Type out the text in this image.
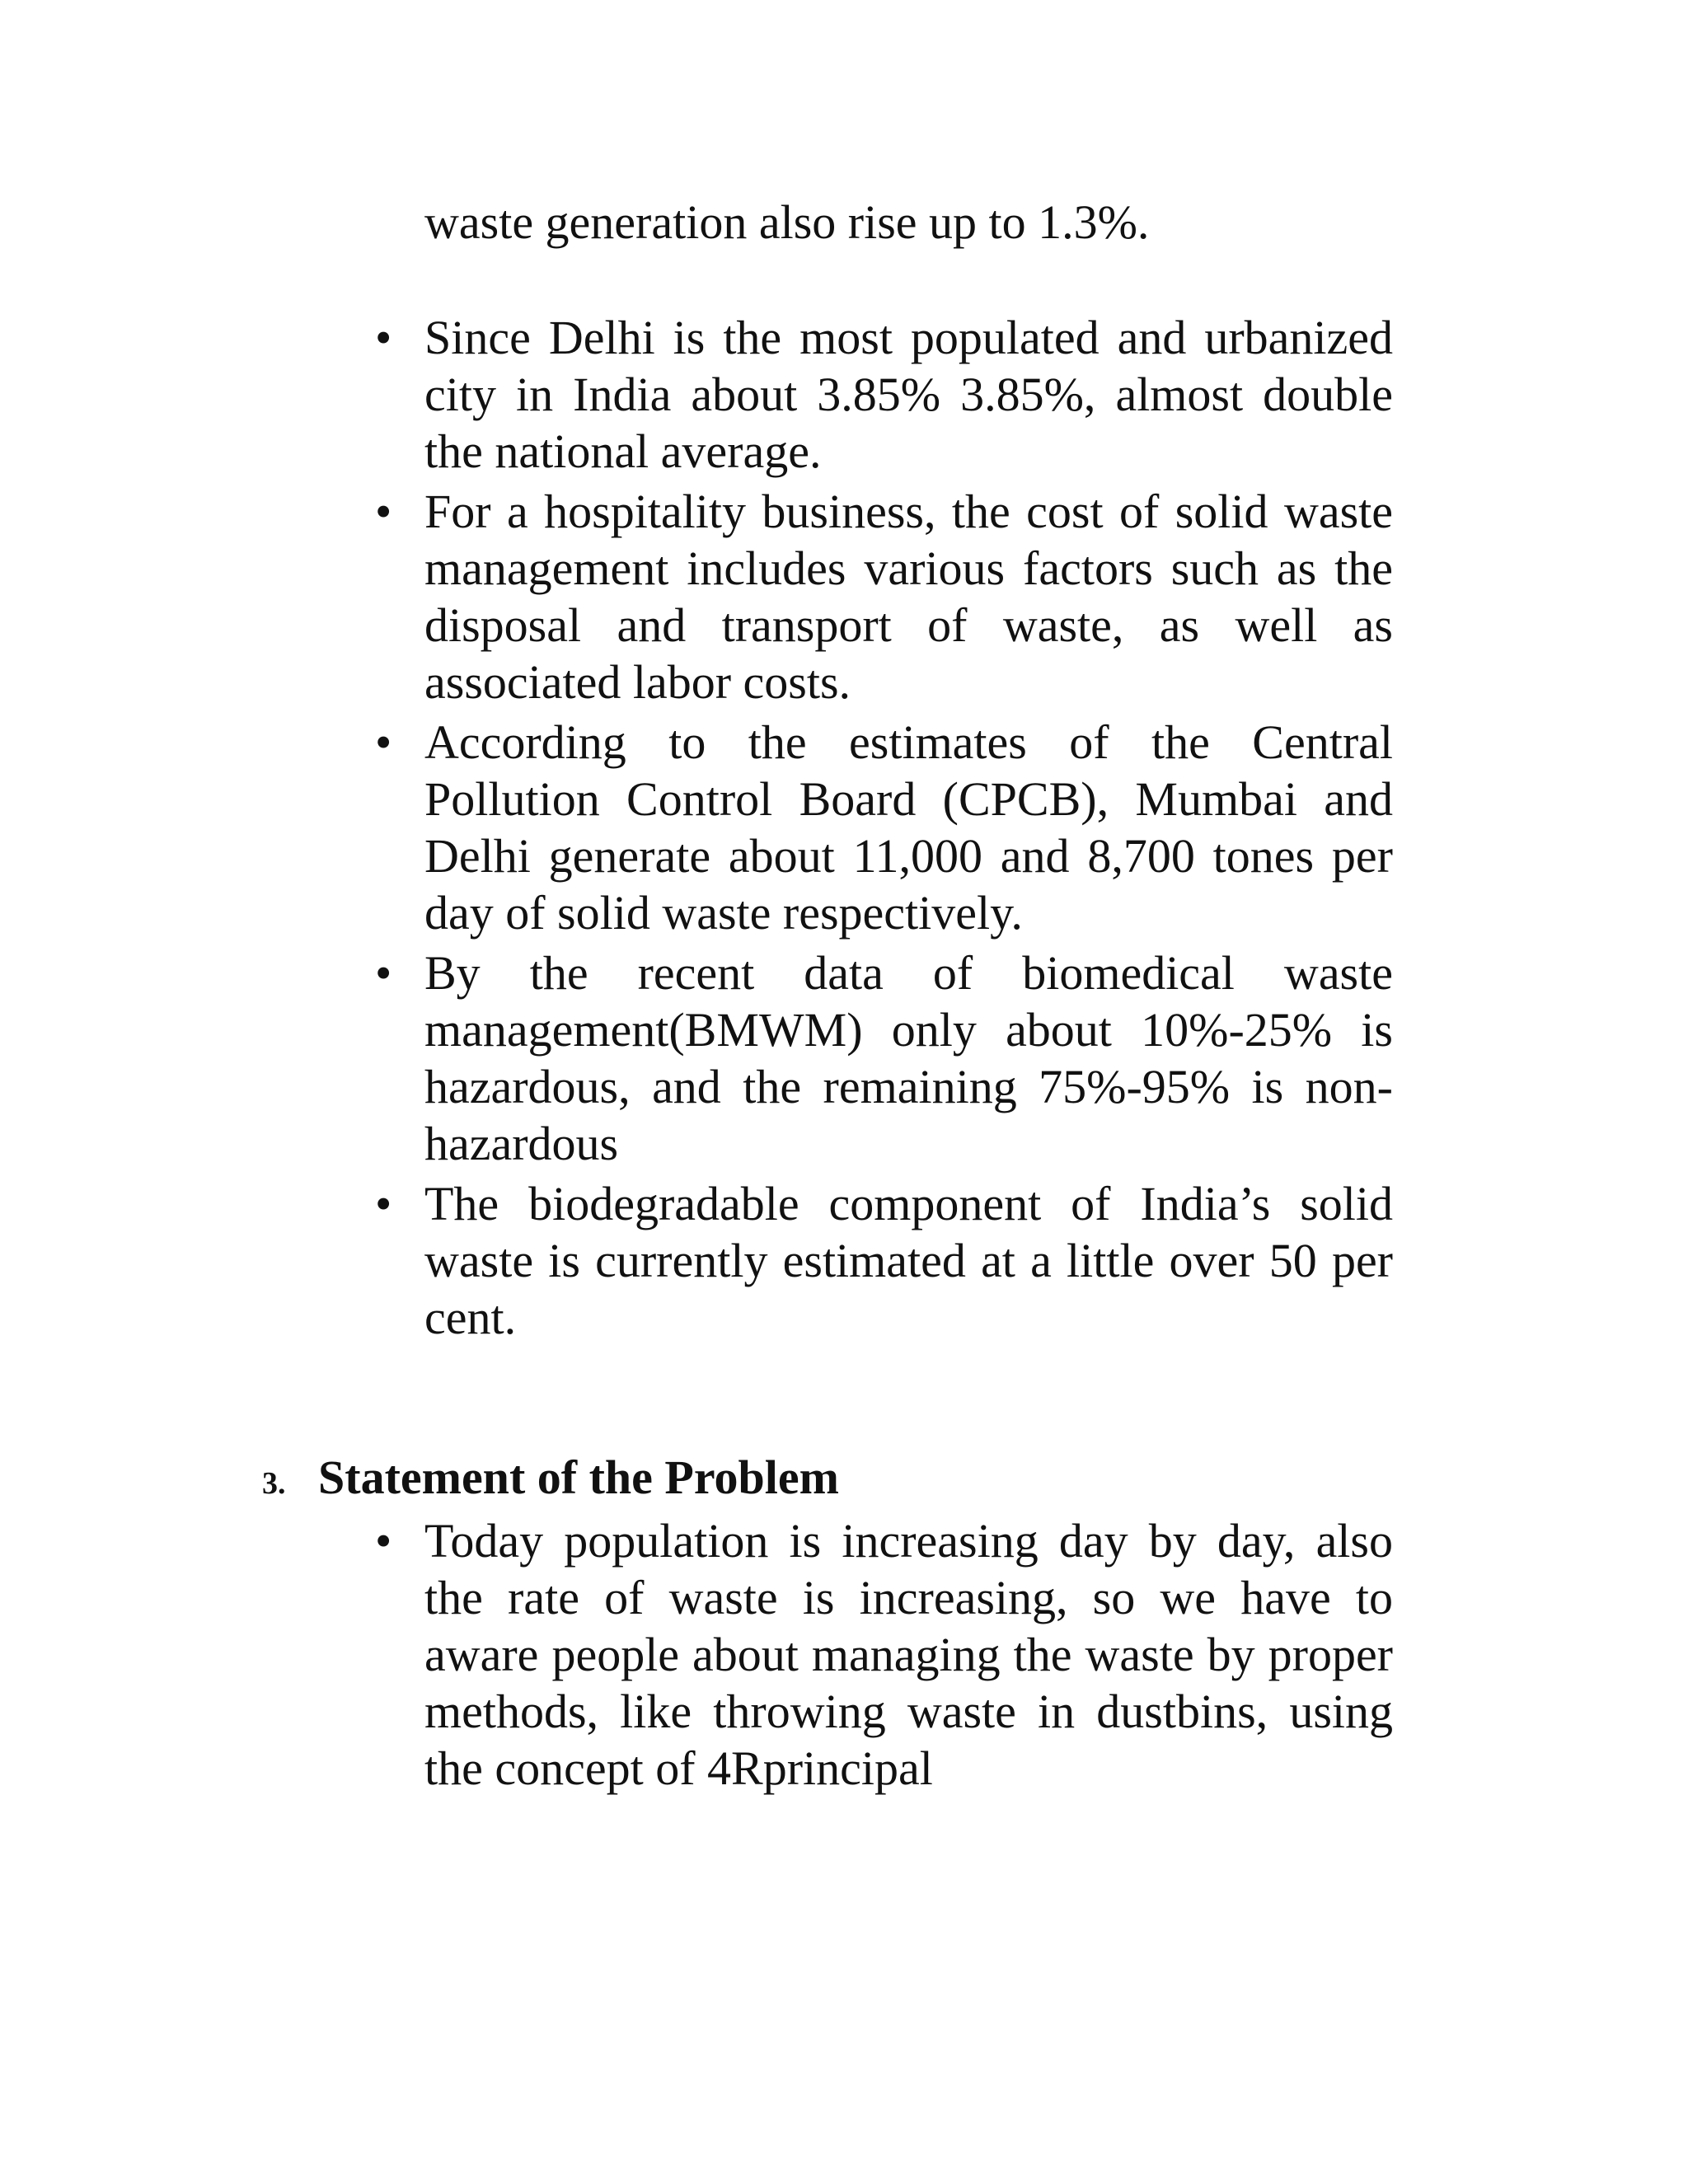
waste generation also rise up to 1.3%.

• Since Delhi is the most populated and urbanized city in India about 3.85% 3.85%, almost double the national average.
• For a hospitality business, the cost of solid waste management includes various factors such as the disposal and transport of waste, as well as associated labor costs.
• According to the estimates of the Central Pollution Control Board (CPCB), Mumbai and Delhi generate about 11,000 and 8,700 tones per day of solid waste respectively.
• By the recent data of biomedical waste management(BMWM) only about 10%-25% is hazardous, and the remaining 75%-95% is non-hazardous
• The biodegradable component of India’s solid waste is currently estimated at a little over 50 per cent.
3. Statement of the Problem
• Today population is increasing day by day, also the rate of waste is increasing, so we have to aware people about managing the waste by proper methods, like throwing waste in dustbins, using the concept of 4Rprincipal
